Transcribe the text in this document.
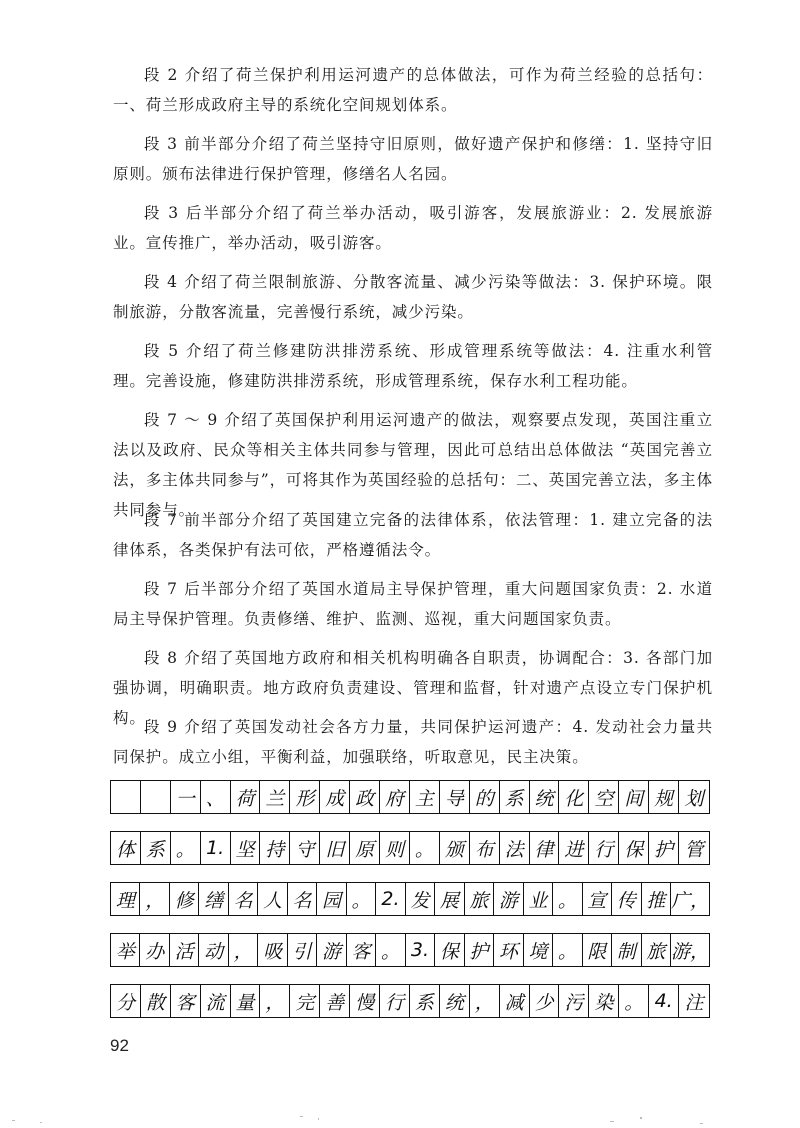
段 2 介绍了荷兰保护利用运河遗产的总体做法，可作为荷兰经验的总括句：一、荷兰形成政府主导的系统化空间规划体系。

段 3 前半部分介绍了荷兰坚持守旧原则，做好遗产保护和修缮：1. 坚持守旧原则。颁布法律进行保护管理，修缮名人名园。

段 3 后半部分介绍了荷兰举办活动，吸引游客，发展旅游业：2. 发展旅游业。宣传推广，举办活动，吸引游客。

段 4 介绍了荷兰限制旅游、分散客流量、减少污染等做法：3. 保护环境。限制旅游，分散客流量，完善慢行系统，减少污染。

段 5 介绍了荷兰修建防洪排涝系统、形成管理系统等做法：4. 注重水利管理。完善设施，修建防洪排涝系统，形成管理系统，保存水利工程功能。

段 7 ～ 9 介绍了英国保护利用运河遗产的做法，观察要点发现，英国注重立法以及政府、民众等相关主体共同参与管理，因此可总结出总体做法 “英国完善立法，多主体共同参与”，可将其作为英国经验的总括句：二、英国完善立法，多主体共同参与。

段 7 前半部分介绍了英国建立完备的法律体系，依法管理：1. 建立完备的法律体系，各类保护有法可依，严格遵循法令。

段 7 后半部分介绍了英国水道局主导保护管理，重大问题国家负责：2. 水道局主导保护管理。负责修缮、维护、监测、巡视，重大问题国家负责。

段 8 介绍了英国地方政府和相关机构明确各自职责，协调配合：3. 各部门加强协调，明确职责。地方政府负责建设、管理和监督，针对遗产点设立专门保护机构。

段 9 介绍了英国发动社会各方力量，共同保护运河遗产：4. 发动社会力量共同保护。成立小组，平衡利益，加强联络，听取意见，民主决策。

一 、 荷 兰 形 成 政 府 主 导 的 系 统 化 空 间 规 划
体 系 。 1. 坚 持 守 旧 原 则 。 颁 布 法 律 进 行 保 护 管
理 ， 修 缮 名 人 名 园 。 2. 发 展 旅 游 业 。 宣 传 推 广，
举 办 活 动 ， 吸 引 游 客 。 3. 保 护 环 境 。 限 制 旅 游，
分 散 客 流 量 ， 完 善 慢 行 系 统 ， 减 少 污 染 。 4. 注
92
